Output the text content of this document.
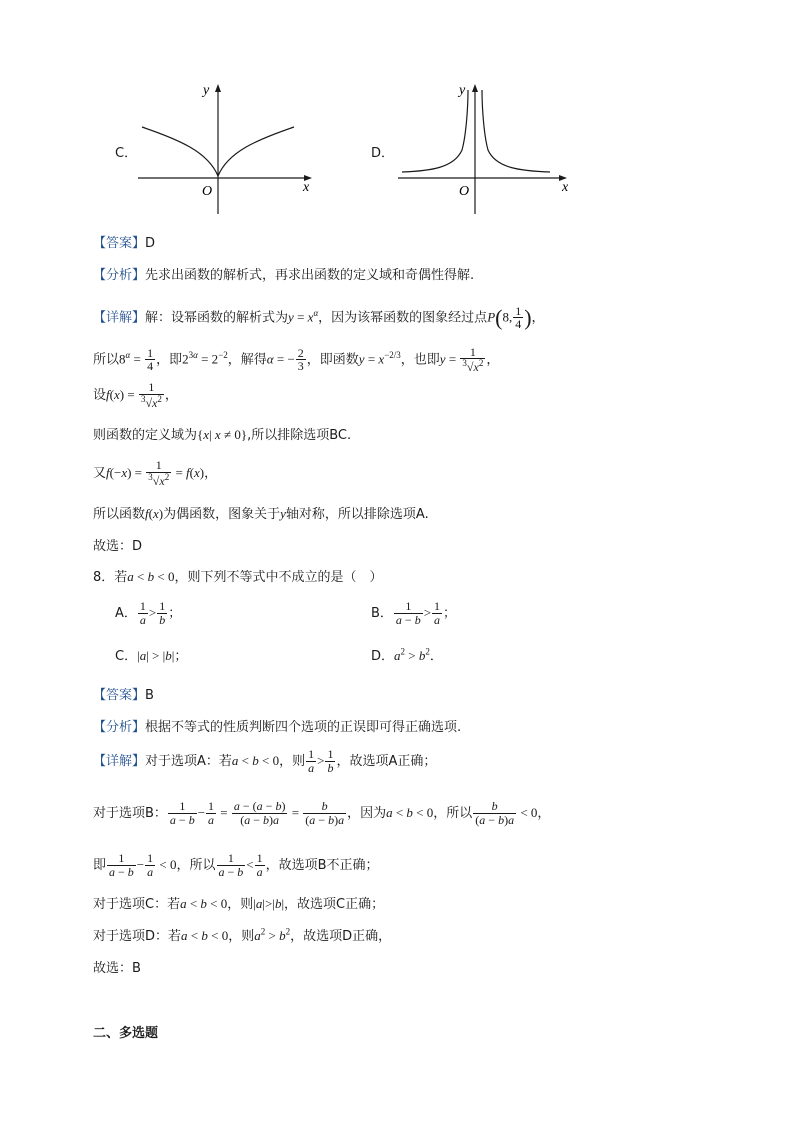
C．
x
y
O
D．
x
y
O
【答案】D
【分析】先求出函数的解析式，再求出函数的定义域和奇偶性得解.
【详解】解：设幂函数的解析式为$y = x^\alpha$，因为该幂函数的图象经过点P(8, $\frac{1}{4}$ )，
所以$8^\alpha = \frac{1}{4}$ ，即$2^{3\alpha} = 2^{-2}$，解得α = − $\frac{2}{3}$ ，即函数$y = x^{-2/3}$，也即$y = \frac{1}{^3√x^2}$ ，
设$f(x) = \frac{1}{^3√x^2}$ ，
则函数的定义域为{x| x ≠ 0},所以排除选项BC.
又$f(-x) = \frac{1}{^3√x^2} = f(x)$，
所以函数f(x)为偶函数，图象关于y轴对称，所以排除选项A.
故选：D
8．若a < b < 0，则下列不等式中不成立的是（　）
A． $\frac{1}{a} > \frac{1}{b}$ ；	B． $\frac{1}{a - b} > \frac{1}{a}$ ；
C．|a| > |b|；	D．$a^2 > b^2$．
【答案】B
【分析】根据不等式的性质判断四个选项的正误即可得正确选项.
【详解】对于选项A：若a < b < 0，则 $\frac{1}{a} > \frac{1}{b}$ ，故选项A正确；
对于选项B： $\frac{1}{a - b} - \frac{1}{a} = \frac{a - (a - b)}{(a - b)a} = \frac{b}{(a - b)a}$ ，因为a < b < 0，所以 $\frac{b}{(a - b)a} < 0$，
即 $\frac{1}{a - b} - \frac{1}{a} < 0$，所以 $\frac{1}{a - b} < \frac{1}{a}$ ，故选项B不正确；
对于选项C：若a < b < 0，则|a|>|b|，故选项C正确；
对于选项D：若a < b < 0，则$a^2 > b^2$，故选项D正确，
故选：B
二、多选题
